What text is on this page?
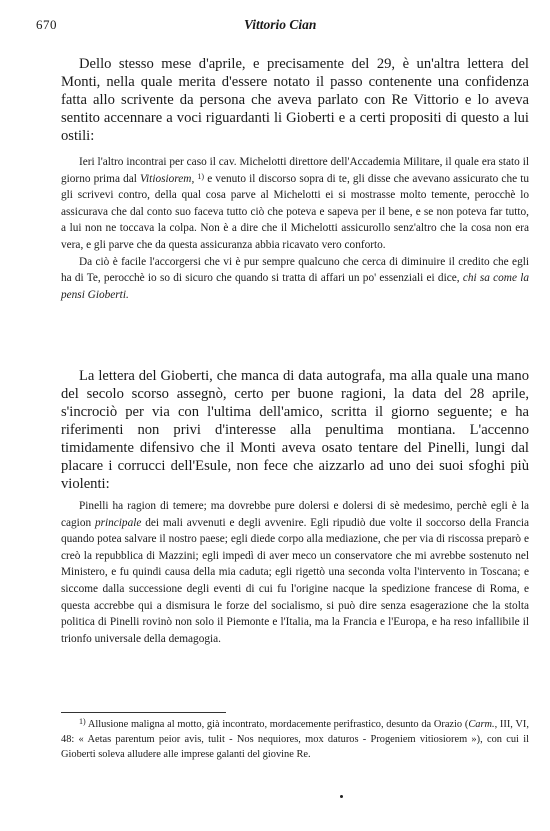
670	Vittorio Cian

Dello stesso mese d'aprile, e precisamente del 29, è un'altra lettera del Monti, nella quale merita d'essere notato il passo contenente una confidenza fatta allo scrivente da persona che aveva parlato con Re Vittorio e lo aveva sentito accennare a voci riguardanti li Gioberti e a certi propositi di questo a lui ostili:

Ieri l'altro incontrai per caso il cav. Michelotti direttore dell'Accademia Militare, il quale era stato il giorno prima dal Vitiosiorem, $^{1)}$ e venuto il discorso sopra di te, gli disse che avevano assicurato che tu gli scrivevi contro, della qual cosa parve al Michelotti ei si mostrasse molto temente, perocchè lo assicurava che dal conto suo faceva tutto ciò che poteva e sapeva per il bene, e se non poteva far tutto, a lui non ne toccava la colpa. Non è a dire che il Michelotti assicurollo senz'altro che la cosa non era vera, e gli parve che da questa assicuranza abbia ricavato vero conforto.

Da ciò è facile l'accorgersi che vi è pur sempre qualcuno che cerca di diminuire il credito che egli ha di Te, perocchè io so di sicuro che quando si tratta di affari un po' essenziali ei dice, chi sa come la pensi Gioberti.

La lettera del Gioberti, che manca di data autografa, ma alla quale una mano del secolo scorso assegnò, certo per buone ragioni, la data del 28 aprile, s'incrociò per via con l'ultima dell'amico, scritta il giorno seguente; e ha riferimenti non privi d'interesse alla penultima montiana. L'accenno timidamente difensivo che il Monti aveva osato tentare del Pinelli, lungi dal placare i corrucci dell'Esule, non fece che aizzarlo ad uno dei suoi sfoghi più violenti:

Pinelli ha ragion di temere; ma dovrebbe pure dolersi e dolersi di sè medesimo, perchè egli è la cagion principale dei mali avvenuti e degli avvenire. Egli ripudiò due volte il soccorso della Francia quando potea salvare il nostro paese; egli diede corpo alla mediazione, che per via di riscossa preparò e creò la repubblica di Mazzini; egli impedì di aver meco un conservatore che mi avrebbe sostenuto nel Ministero, e fu quindi causa della mia caduta; egli rigettò una seconda volta l'intervento in Toscana; e siccome dalla successione degli eventi di cui fu l'origine nacque la spedizione francese di Roma, e questa accrebbe qui a dismisura le forze del socialismo, si può dire senza esagerazione che la stolta politica di Pinelli rovinò non solo il Piemonte e l'Italia, ma la Francia e l'Europa, e ha reso infallibile il trionfo universale della demagogia.

$^{1)}$ Allusione maligna al motto, già incontrato, mordacemente perifrastico, desunto da Orazio (Carm., III, VI, 48: « Aetas parentum peior avis, tulit - Nos nequiores, mox daturos - Progeniem vitiosiorem »), con cui il Gioberti soleva alludere alle imprese galanti del giovine Re.
